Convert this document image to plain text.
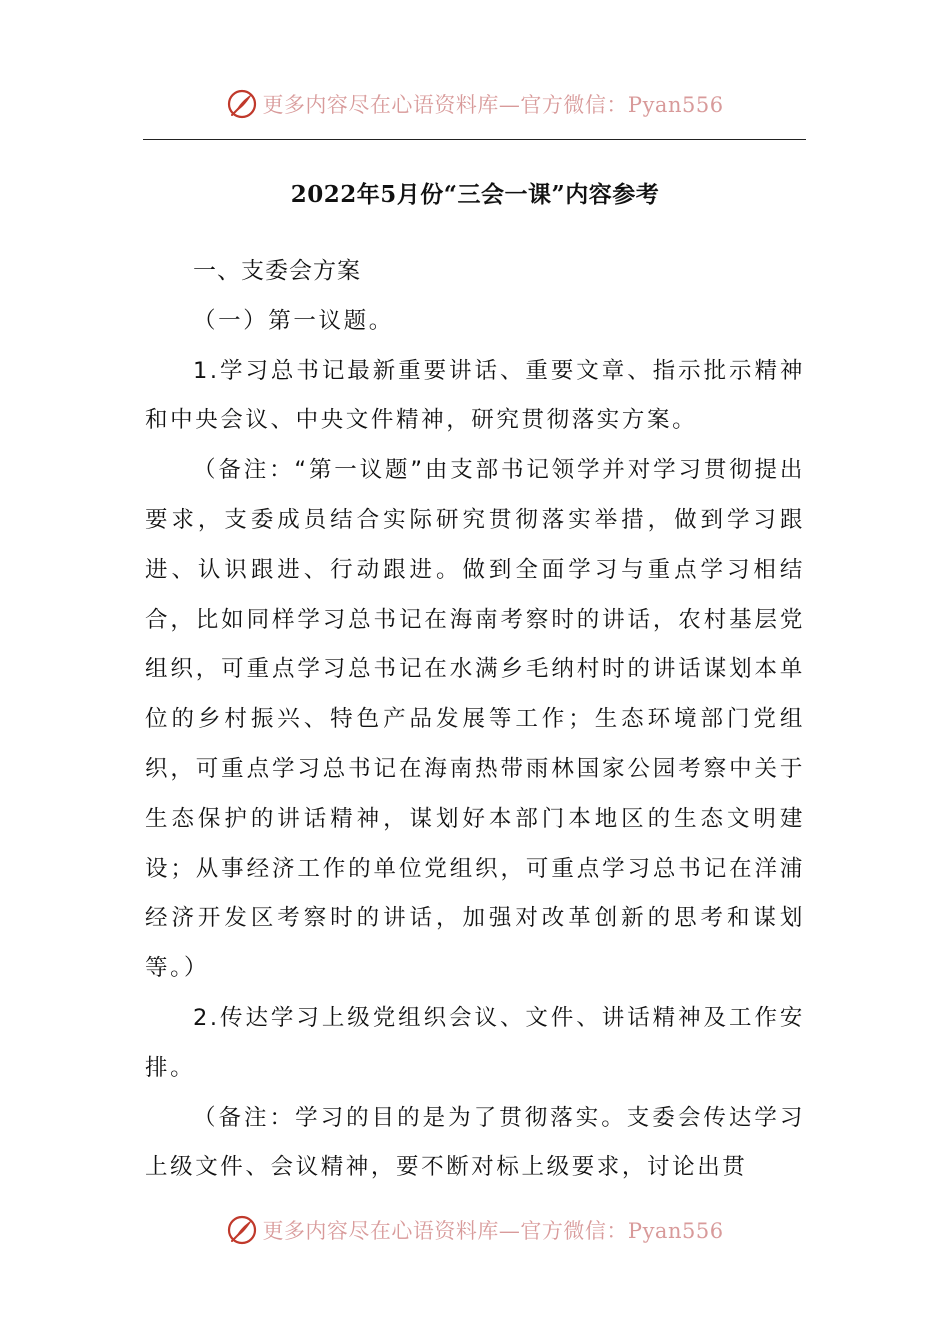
更多内容尽在心语资料库—官方微信：Pyan556
2022年5月份“三会一课”内容参考

一、支委会方案

（一）第一议题。

1.学习总书记最新重要讲话、重要文章、指示批示精神和中央会议、中央文件精神，研究贯彻落实方案。

（备注：“第一议题”由支部书记领学并对学习贯彻提出要求，支委成员结合实际研究贯彻落实举措，做到学习跟进、认识跟进、行动跟进。做到全面学习与重点学习相结合，比如同样学习总书记在海南考察时的讲话，农村基层党组织，可重点学习总书记在水满乡毛纳村时的讲话谋划本单位的乡村振兴、特色产品发展等工作；生态环境部门党组织，可重点学习总书记在海南热带雨林国家公园考察中关于生态保护的讲话精神，谋划好本部门本地区的生态文明建设；从事经济工作的单位党组织，可重点学习总书记在洋浦经济开发区考察时的讲话，加强对改革创新的思考和谋划等。）

2.传达学习上级党组织会议、文件、讲话精神及工作安排。

（备注：学习的目的是为了贯彻落实。支委会传达学习上级文件、会议精神，要不断对标上级要求，讨论出贯

更多内容尽在心语资料库—官方微信：Pyan556
